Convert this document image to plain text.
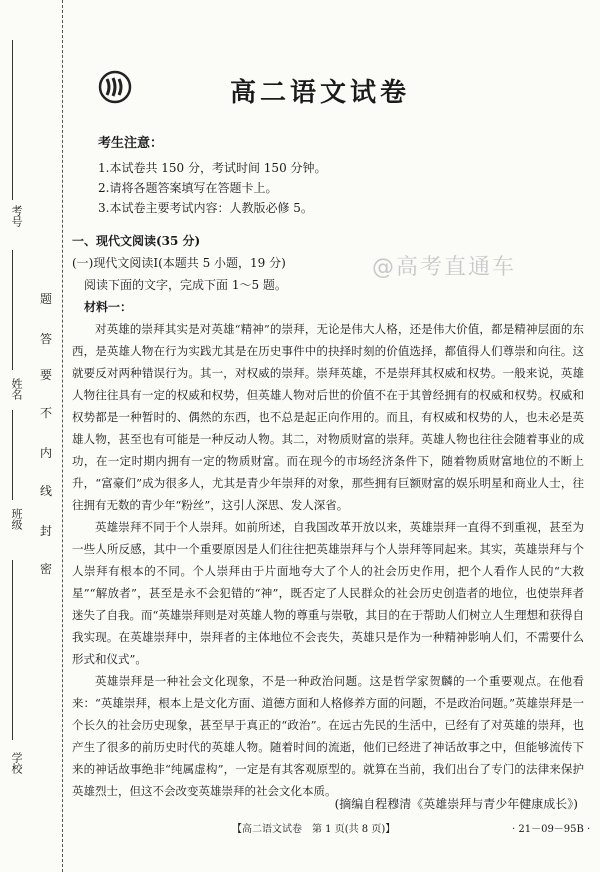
考号
姓名
班级
学校
题
答
要
不
内
线
封
密
高二语文试卷
考生注意：
1.本试卷共 150 分，考试时间 150 分钟。
2.请将各题答案填写在答题卡上。
3.本试卷主要考试内容：人教版必修 5。
@高考直通车
一、现代文阅读(35 分)
(一)现代文阅读Ⅰ(本题共 5 小题，19 分)
阅读下面的文字，完成下面 1～5 题。
材料一：

对英雄的崇拜其实是对英雄“精神”的崇拜，无论是伟大人格，还是伟大价值，都是精神层面的东西，是英雄人物在行为实践尤其是在历史事件中的抉择时刻的价值选择，都值得人们尊崇和向往。这就要反对两种错误行为。其一，对权威的崇拜。崇拜英雄，不是崇拜其权威和权势。一般来说，英雄人物往往具有一定的权威和权势，但英雄人物对后世的价值不在于其曾经拥有的权威和权势。权威和权势都是一种暂时的、偶然的东西，也不总是起正向作用的。而且，有权威和权势的人，也未必是英雄人物，甚至也有可能是一种反动人物。其二，对物质财富的崇拜。英雄人物也往往会随着事业的成功，在一定时期内拥有一定的物质财富。而在现今的市场经济条件下，随着物质财富地位的不断上升，“富豪们”成为很多人，尤其是青少年崇拜的对象，那些拥有巨额财富的娱乐明星和商业人士，往往拥有无数的青少年“粉丝”，这引人深思、发人深省。

英雄崇拜不同于个人崇拜。如前所述，自我国改革开放以来，英雄崇拜一直得不到重视，甚至为一些人所反感，其中一个重要原因是人们往往把英雄崇拜与个人崇拜等同起来。其实，英雄崇拜与个人崇拜有根本的不同。个人崇拜由于片面地夸大了个人的社会历史作用，把个人看作人民的“大救星”“解放者”，甚至是永不会犯错的“神”，既否定了人民群众的社会历史创造者的地位，也使崇拜者迷失了自我。而“英雄崇拜则是对英雄人物的尊重与崇敬，其目的在于帮助人们树立人生理想和获得自我实现。在英雄崇拜中，崇拜者的主体地位不会丧失，英雄只是作为一种精神影响人们，不需要什么形式和仪式”。

英雄崇拜是一种社会文化现象，不是一种政治问题。这是哲学家贺麟的一个重要观点。在他看来：“英雄崇拜，根本上是文化方面、道德方面和人格修养方面的问题，不是政治问题。”英雄崇拜是一个长久的社会历史现象，甚至早于真正的“政治”。在远古先民的生活中，已经有了对英雄的崇拜，也产生了很多的前历史时代的英雄人物。随着时间的流逝，他们已经进了神话故事之中，但能够流传下来的神话故事绝非“纯属虚构”，一定是有其客观原型的。就算在当前，我们出台了专门的法律来保护英雄烈士，但这不会改变英雄崇拜的社会文化本质。

(摘编自程穆清《英雄崇拜与青少年健康成长》)
【高二语文试卷　第 1 页(共 8 页)】	· 21－09－95B ·
